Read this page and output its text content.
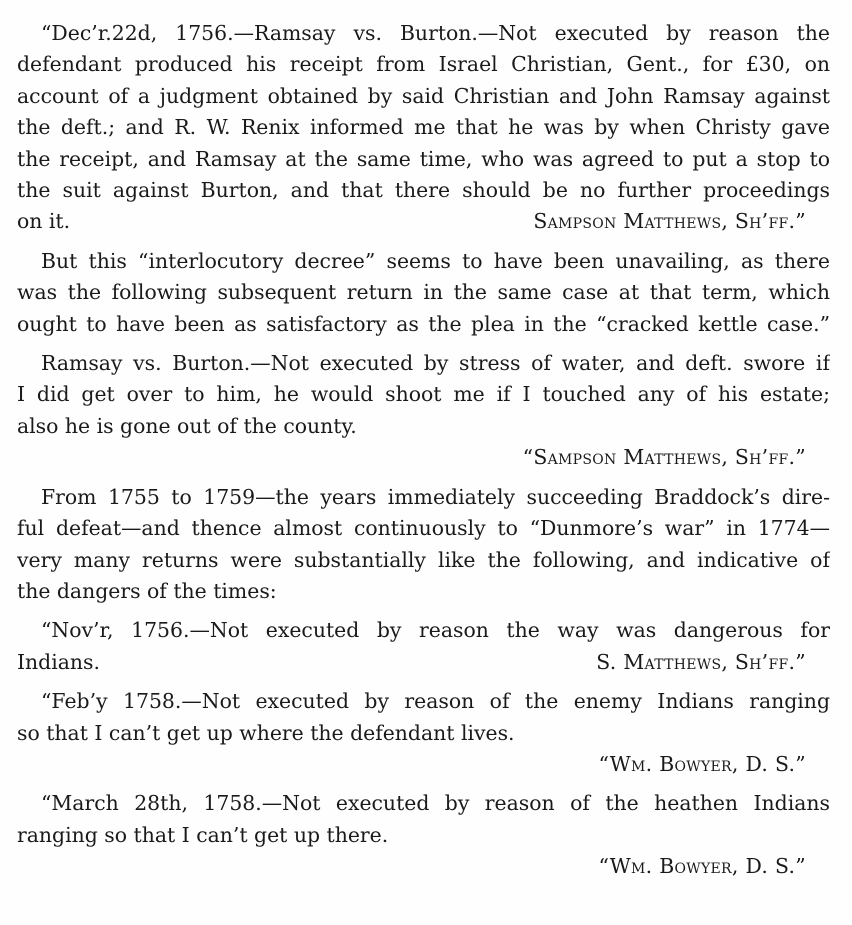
“Dec’r.22d, 1756.—Ramsay vs. Burton.—Not executed by reason the
defendant produced his receipt from Israel Christian, Gent., for £30, on
account of a judgment obtained by said Christian and John Ramsay against
the deft.; and R. W. Renix informed me that he was by when Christy gave
the receipt, and Ramsay at the same time, who was agreed to put a stop to
the suit against Burton, and that there should be no further proceedings
on it.	Sampson Matthews, Sh’ff.”
But this “interlocutory decree” seems to have been unavailing, as there
was the following subsequent return in the same case at that term, which
ought to have been as satisfactory as the plea in the “cracked kettle case.”
Ramsay vs. Burton.—Not executed by stress of water, and deft. swore if
I did get over to him, he would shoot me if I touched any of his estate;
also he is gone out of the county.
“Sampson Matthews, Sh’ff.”
From 1755 to 1759—the years immediately succeeding Braddock’s dire-
ful defeat—and thence almost continuously to “Dunmore’s war” in 1774—
very many returns were substantially like the following, and indicative of
the dangers of the times:
“Nov’r, 1756.—Not executed by reason the way was dangerous for
Indians.	S. Matthews, Sh’ff.”
“Feb’y 1758.—Not executed by reason of the enemy Indians ranging
so that I can’t get up where the defendant lives.
“Wm. Bowyer, D. S.”
“March 28th, 1758.—Not executed by reason of the heathen Indians
ranging so that I can’t get up there.
“Wm. Bowyer, D. S.”
